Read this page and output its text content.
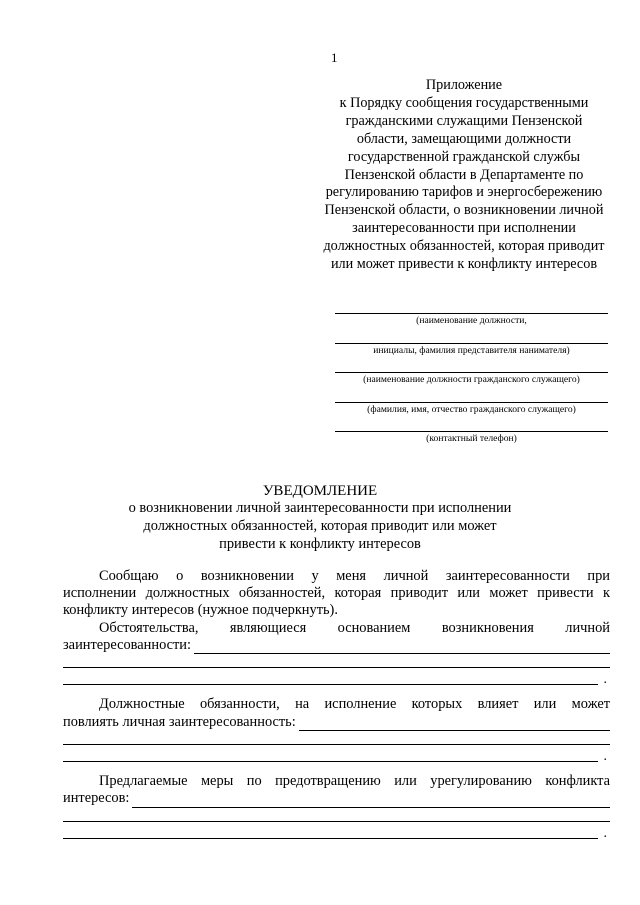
1
Приложение
к Порядку сообщения государственными
гражданскими служащими Пензенской
области, замещающими должности
государственной гражданской службы
Пензенской области в Департаменте по
регулированию тарифов и энергосбережению
Пензенской области, о возникновении личной
заинтересованности при исполнении
должностных обязанностей, которая приводит
или может привести к конфликту интересов
(наименование должности,
инициалы, фамилия представителя нанимателя)
(наименование должности гражданского служащего)
(фамилия, имя, отчество гражданского служащего)
(контактный телефон)
УВЕДОМЛЕНИЕ
о возникновении личной заинтересованности при исполнении
должностных обязанностей, которая приводит или может
привести к конфликту интересов
Сообщаю о возникновении у меня личной заинтересованности при
исполнении должностных обязанностей, которая приводит или может привести к
конфликту интересов (нужное подчеркнуть).
Обстоятельства, являющиеся основанием возникновения личной
заинтересованности:
.
Должностные обязанности, на исполнение которых влияет или может
повлиять личная заинтересованность:
.
Предлагаемые меры по предотвращению или урегулированию конфликта
интересов:
.
